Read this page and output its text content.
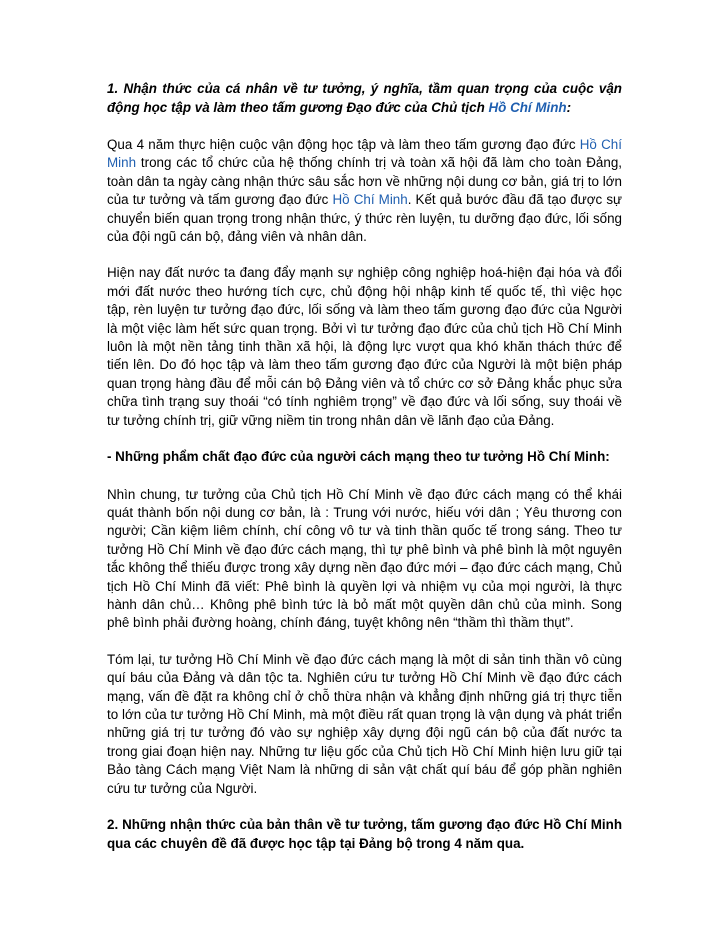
1. Nhận thức của cá nhân về tư tưởng, ý nghĩa, tầm quan trọng của cuộc vận động học tập và làm theo tấm gương Đạo đức của Chủ tịch Hồ Chí Minh:

Qua 4 năm thực hiện cuộc vận động học tập và làm theo tấm gương đạo đức Hồ Chí Minh trong các tổ chức của hệ thống chính trị và toàn xã hội đã làm cho toàn Đảng, toàn dân ta ngày càng nhận thức sâu sắc hơn về những nội dung cơ bản, giá trị to lớn của tư tưởng và tấm gương đạo đức Hồ Chí Minh. Kết quả bước đầu đã tạo được sự chuyển biến quan trọng trong nhận thức, ý thức rèn luyện, tu dưỡng đạo đức, lối sống của đội ngũ cán bộ, đảng viên và nhân dân.

Hiện nay đất nước ta đang đẩy mạnh sự nghiệp công nghiệp hoá-hiện đại hóa và đổi mới đất nước theo hướng tích cực, chủ động hội nhập kinh tế quốc tế, thì việc học tập, rèn luyện tư tưởng đạo đức, lối sống và làm theo tấm gương đạo đức của Người là một việc làm hết sức quan trọng. Bởi vì tư tưởng đạo đức của chủ tịch Hồ Chí Minh luôn là một nền tảng tinh thần xã hội, là động lực vượt qua khó khăn thách thức để tiến lên. Do đó học tập và làm theo tấm gương đạo đức của Người là một biện pháp quan trọng hàng đầu để mỗi cán bộ Đảng viên và tổ chức cơ sở Đảng khắc phục sửa chữa tình trạng suy thoái “có tính nghiêm trọng” về đạo đức và lối sống, suy thoái về tư tưởng chính trị, giữ vững niềm tin trong nhân dân về lãnh đạo của Đảng.

- Những phẩm chất đạo đức của người cách mạng theo tư tưởng Hồ Chí Minh:

Nhìn chung, tư tưởng của Chủ tịch Hồ Chí Minh về đạo đức cách mạng có thể khái quát thành bốn nội dung cơ bản, là : Trung với nước, hiếu với dân ; Yêu thương con người; Cần kiệm liêm chính, chí công vô tư và tinh thần quốc tế trong sáng. Theo tư tưởng Hồ Chí Minh về đạo đức cách mạng, thì tự phê bình và phê bình là một nguyên tắc không thể thiếu được trong xây dựng nền đạo đức mới – đạo đức cách mạng, Chủ tịch Hồ Chí Minh đã viết: Phê bình là quyền lợi và nhiệm vụ của mọi người, là thực hành dân chủ… Không phê bình tức là bỏ mất một quyền dân chủ của mình. Song phê bình phải đường hoàng, chính đáng, tuyệt không nên “thầm thì thầm thụt”.

Tóm lại, tư tưởng Hồ Chí Minh về đạo đức cách mạng là một di sản tinh thần vô cùng quí báu của Đảng và dân tộc ta. Nghiên cứu tư tưởng Hồ Chí Minh về đạo đức cách mạng, vấn đề đặt ra không chỉ ở chỗ thừa nhận và khẳng định những giá trị thực tiễn to lớn của tư tưởng Hồ Chí Minh, mà một điều rất quan trọng là vận dụng và phát triển những giá trị tư tưởng đó vào sự nghiệp xây dựng đội ngũ cán bộ của đất nước ta trong giai đoạn hiện nay. Những tư liệu gốc của Chủ tịch Hồ Chí Minh hiện lưu giữ tại Bảo tàng Cách mạng Việt Nam là những di sản vật chất quí báu để góp phần nghiên cứu tư tưởng của Người.

2. Những nhận thức của bản thân về tư tưởng, tấm gương đạo đức Hồ Chí Minh qua các chuyên đề đã được học tập tại Đảng bộ trong 4 năm qua.
